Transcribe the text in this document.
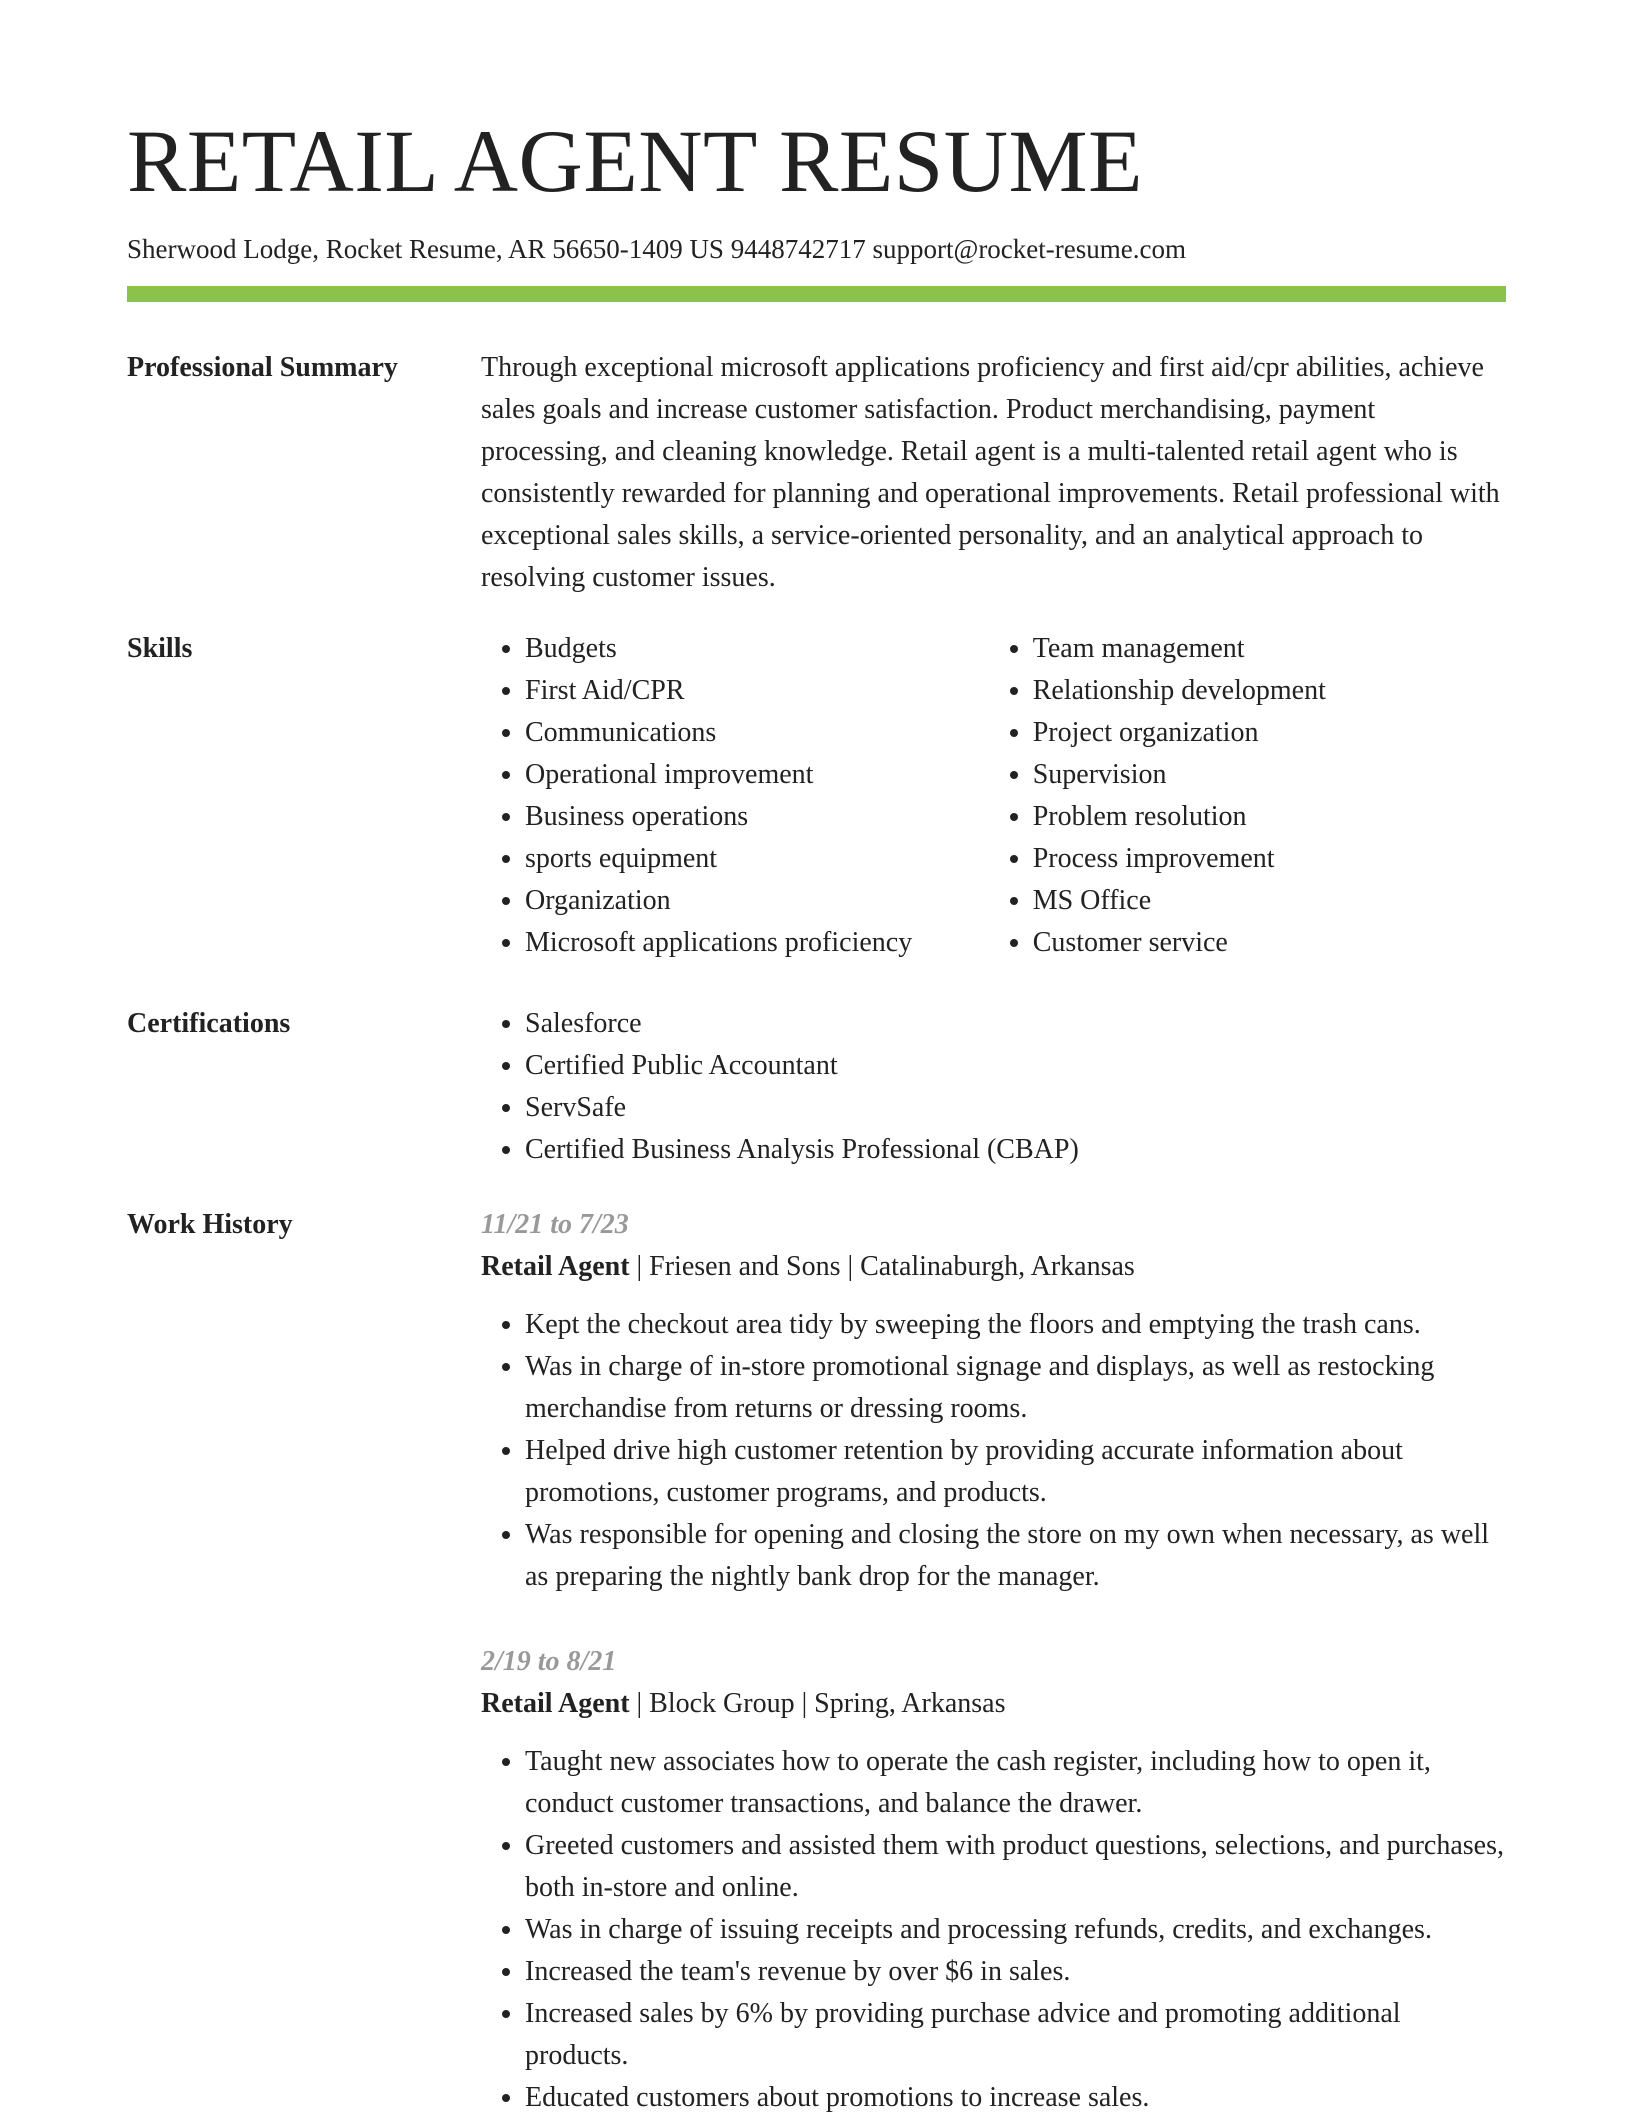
RETAIL AGENT RESUME
Sherwood Lodge, Rocket Resume, AR 56650-1409 US 9448742717 support@rocket-resume.com
Professional Summary	Through exceptional microsoft applications proficiency and first aid/cpr abilities, achieve sales goals and increase customer satisfaction. Product merchandising, payment processing, and cleaning knowledge. Retail agent is a multi-talented retail agent who is consistently rewarded for planning and operational improvements. Retail professional with exceptional sales skills, a service-oriented personality, and an analytical approach to resolving customer issues.

Skills	• Budgets
• First Aid/CPR
• Communications
• Operational improvement
• Business operations
• sports equipment
• Organization
• Microsoft applications proficiency
• Team management
• Relationship development
• Project organization
• Supervision
• Problem resolution
• Process improvement
• MS Office
• Customer service
Certifications	• Salesforce
• Certified Public Accountant
• ServSafe
• Certified Business Analysis Professional (CBAP)
Work History	11/21 to 7/23
Retail Agent | Friesen and Sons | Catalinaburgh, Arkansas
• Kept the checkout area tidy by sweeping the floors and emptying the trash cans.
• Was in charge of in-store promotional signage and displays, as well as restocking merchandise from returns or dressing rooms.
• Helped drive high customer retention by providing accurate information about promotions, customer programs, and products.
• Was responsible for opening and closing the store on my own when necessary, as well as preparing the nightly bank drop for the manager.
2/19 to 8/21
Retail Agent | Block Group | Spring, Arkansas
• Taught new associates how to operate the cash register, including how to open it, conduct customer transactions, and balance the drawer.
• Greeted customers and assisted them with product questions, selections, and purchases, both in-store and online.
• Was in charge of issuing receipts and processing refunds, credits, and exchanges.
• Increased the team's revenue by over $6 in sales.
• Increased sales by 6% by providing purchase advice and promoting additional products.
• Educated customers about promotions to increase sales.
